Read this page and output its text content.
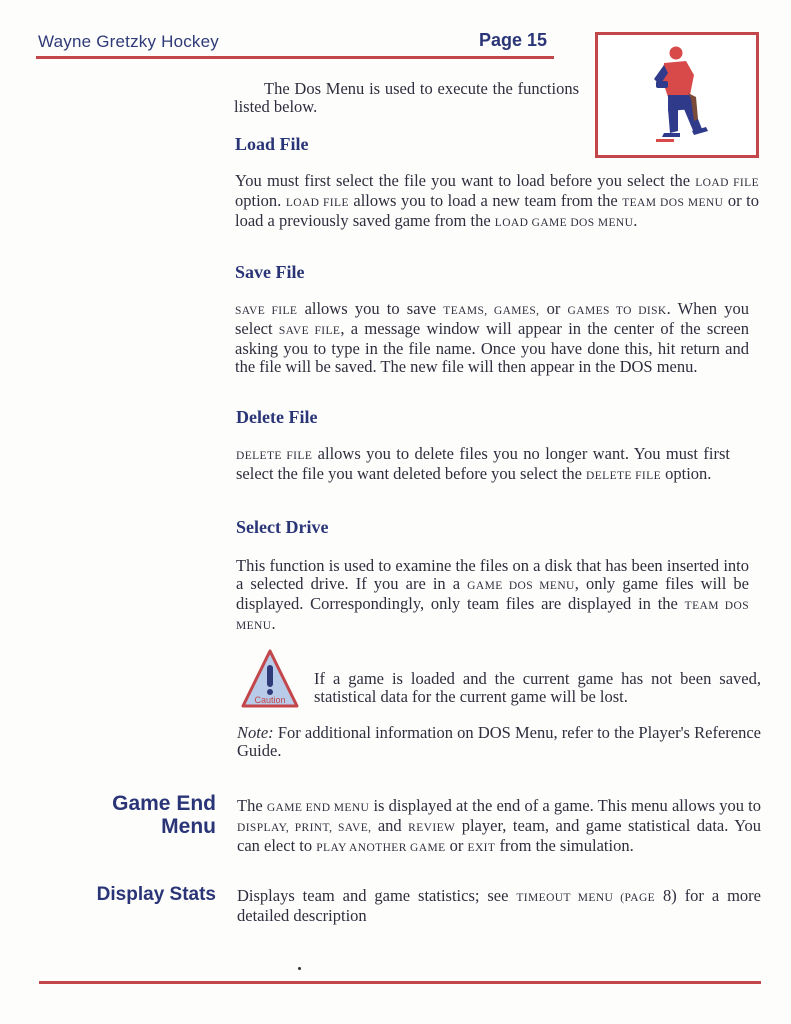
Wayne Gretzky Hockey	Page 15
The Dos Menu is used to execute the functions listed below.
Load File
You must first select the file you want to load before you select the LOAD FILE option. LOAD FILE allows you to load a new team from the TEAM DOS MENU or to load a previously saved game from the LOAD GAME DOS MENU.
Save File
SAVE FILE allows you to save TEAMS, GAMES, or GAMES TO DISK. When you select SAVE FILE, a message window will appear in the center of the screen asking you to type in the file name. Once you have done this, hit return and the file will be saved. The new file will then appear in the DOS menu.
Delete File
DELETE FILE allows you to delete files you no longer want. You must first select the file you want deleted before you select the DELETE FILE option.
Select Drive
This function is used to examine the files on a disk that has been inserted into a selected drive. If you are in a GAME DOS MENU, only game files will be displayed. Correspondingly, only team files are displayed in the TEAM DOS MENU.
Caution
If a game is loaded and the current game has not been saved, statistical data for the current game will be lost.
Note: For additional information on DOS Menu, refer to the Player's Reference Guide.
Game End
Menu
The GAME END MENU is displayed at the end of a game. This menu allows you to DISPLAY, PRINT, SAVE, and REVIEW player, team, and game statistical data. You can elect to PLAY ANOTHER GAME or EXIT from the simulation.
Display Stats Displays team and game statistics; see TIMEOUT MENU (PAGE 8) for a more detailed description
